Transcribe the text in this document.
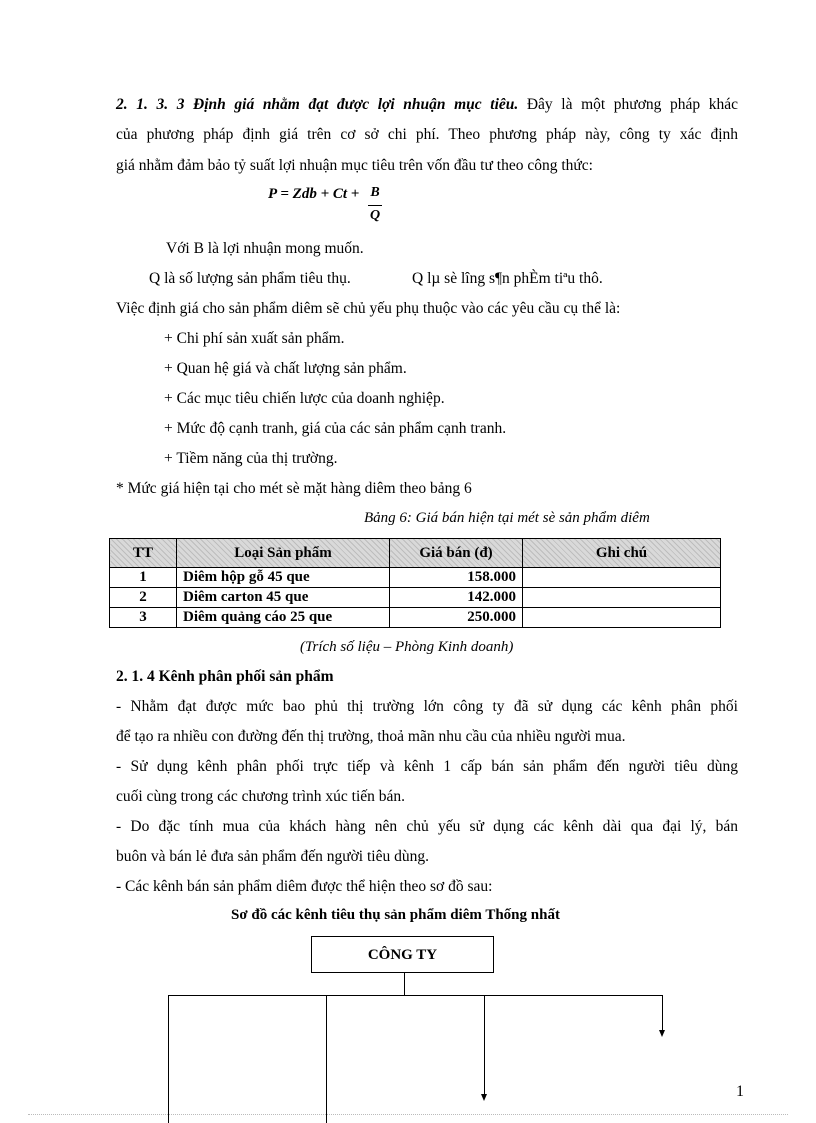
2. 1. 3. 3 Định giá nhằm đạt được lợi nhuận mục tiêu. Đây là một phương pháp khác
của phương pháp định giá trên cơ sở chi phí. Theo phương pháp này, công ty xác định
giá nhằm đảm bảo tỷ suất lợi nhuận mục tiêu trên vốn đầu tư theo công thức:
P = Zdb + Ct + B
Q
Với B là lợi nhuận mong muốn.
Q là số lượng sản phẩm tiêu thụ.	Q lµ sè lîng s¶n phÈm tiªu thô.
Việc định giá cho sản phẩm diêm sẽ chủ yếu phụ thuộc vào các yêu cầu cụ thể là:
+ Chi phí sản xuất sản phẩm.
+ Quan hệ giá và chất lượng sản phẩm.
+ Các mục tiêu chiến lược của doanh nghiệp.
+ Mức độ cạnh tranh, giá của các sản phẩm cạnh tranh.
+ Tiềm năng của thị trường.
* Mức giá hiện tại cho mét sè mặt hàng diêm theo bảng 6
Bảng 6: Giá bán hiện tại mét sè sản phẩm diêm
TT	Loại Sản phẩm	Giá bán (đ)	Ghi chú
1	Diêm hộp gỗ 45 que	158.000	
2	Diêm carton 45 que	142.000	
3	Diêm quảng cáo 25 que	250.000	
(Trích số liệu – Phòng Kinh doanh)
2. 1. 4 Kênh phân phối sản phẩm
- Nhằm đạt được mức bao phủ thị trường lớn công ty đã sử dụng các kênh phân phối
để tạo ra nhiều con đường đến thị trường, thoả mãn nhu cầu của nhiều người mua.
- Sử dụng kênh phân phối trực tiếp và kênh 1 cấp bán sản phẩm đến người tiêu dùng
cuối cùng trong các chương trình xúc tiến bán.
- Do đặc tính mua của khách hàng nên chủ yếu sử dụng các kênh dài qua đại lý, bán
buôn và bán lẻ đưa sản phẩm đến người tiêu dùng.
- Các kênh bán sản phẩm diêm được thể hiện theo sơ đồ sau:
Sơ đồ các kênh tiêu thụ sản phẩm diêm Thống nhất
CÔNG TY
1
